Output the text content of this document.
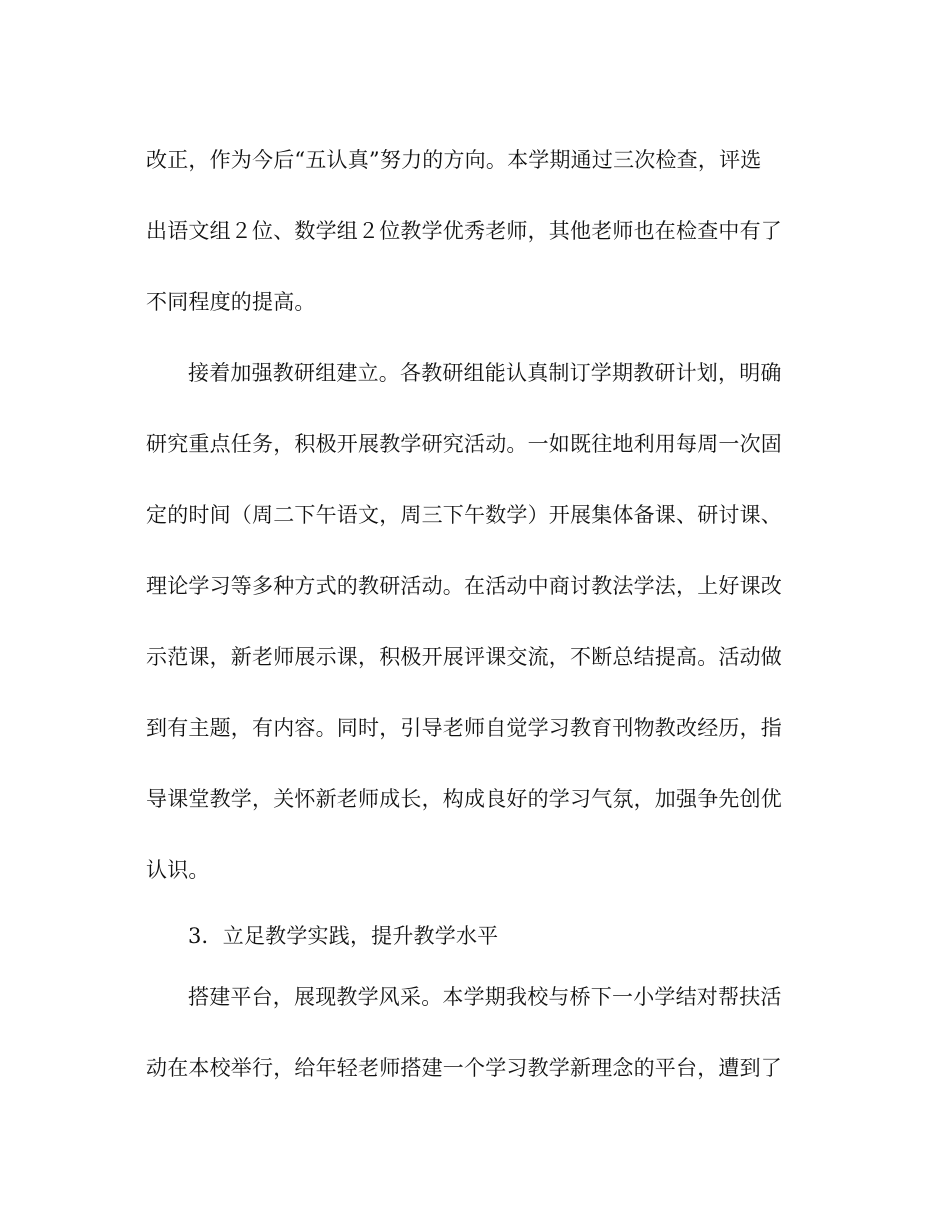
改正，作为今后“五认真”努力的方向。本学期通过三次检查，评选
出语文组２位、数学组２位教学优秀老师，其他老师也在检查中有了
不同程度的提高。
接着加强教研组建立。各教研组能认真制订学期教研计划，明确
研究重点任务，积极开展教学研究活动。一如既往地利用每周一次固
定的时间（周二下午语文，周三下午数学）开展集体备课、研讨课、
理论学习等多种方式的教研活动。在活动中商讨教法学法，上好课改
示范课，新老师展示课，积极开展评课交流，不断总结提高。活动做
到有主题，有内容。同时，引导老师自觉学习教育刊物教改经历，指
导课堂教学，关怀新老师成长，构成良好的学习气氛，加强争先创优
认识。
3．立足教学实践，提升教学水平
搭建平台，展现教学风采。本学期我校与桥下一小学结对帮扶活
动在本校举行，给年轻老师搭建一个学习教学新理念的平台，遭到了
